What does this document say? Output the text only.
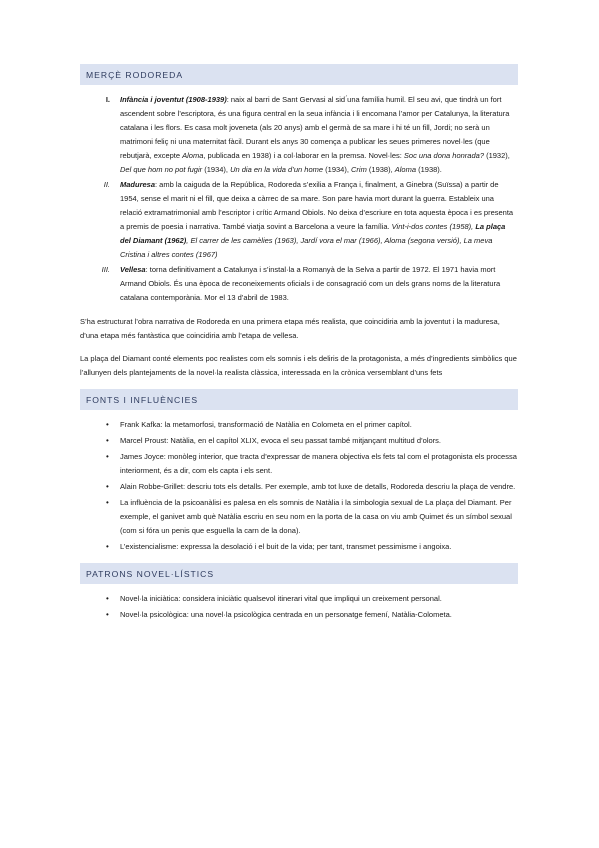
MERÇÈ RODOREDA
I. Infància i joventut (1908-1939): naix al barri de Sant Gervasi al sid ́una família humil. El seu avi, que tindrà un fort ascendent sobre l’escriptora, és una figura central en la seua infància i li encomana l’amor per Catalunya, la literatura catalana i les flors. Es casa molt joveneta (als 20 anys) amb el germà de sa mare i hi té un fill, Jordi; no serà un matrimoni feliç ni una maternitat fàcil. Durant els anys 30 comença a publicar les seues primeres novel·les (que rebutjarà, excepte Aloma, publicada en 1938) i a col·laborar en la premsa. Novel·les: Soc una dona honrada? (1932), Del que hom no pot fugir (1934), Un dia en la vida d’un home (1934), Crim (1938), Aloma (1938).
II. Maduresa: amb la caiguda de la República, Rodoreda s’exilia a França i, finalment, a Ginebra (Suïssa) a partir de 1954, sense el marit ni el fill, que deixa a càrrec de sa mare. Son pare havia mort durant la guerra. Estableix una relació extramatrimonial amb l’escriptor i crític Armand Obiols. No deixa d’escriure en tota aquesta època i es presenta a premis de poesia i narrativa. També viatja sovint a Barcelona a veure la família. Vint-i-dos contes (1958), La plaça del Diamant (1962), El carrer de les camèlies (1963), Jardí vora el mar (1966), Aloma (segona versió), La meva Cristina i altres contes (1967)
III. Vellesa: torna definitivament a Catalunya i s’instal·la a Romanyà de la Selva a partir de 1972. El 1971 havia mort Armand Obiols. És una època de reconeixements oficials i de consagració com un dels grans noms de la literatura catalana contemporània. Mor el 13 d’abril de 1983.

S’ha estructurat l’obra narrativa de Rodoreda en una primera etapa més realista, que coincidiria amb la joventut i la maduresa, d’una etapa més fantàstica que coincidiria amb l’etapa de vellesa.

La plaça del Diamant conté elements poc realistes com els somnis i els deliris de la protagonista, a més d’ingredients simbòlics que l’allunyen dels plantejaments de la novel·la realista clàssica, interessada en la crònica versemblant d’uns fets

FONTS I INFLUÈNCIES
• Frank Kafka: la metamorfosi, transformació de Natàlia en Colometa en el primer capítol.
• Marcel Proust: Natàlia, en el capítol XLIX, evoca el seu passat també mitjançant multitud d’olors.
• James Joyce: monòleg interior, que tracta d’expressar de manera objectiva els fets tal com el protagonista els processa interiorment, és a dir, com els capta i els sent.
• Alain Robbe-Grillet: descriu tots els detalls. Per exemple, amb tot luxe de detalls, Rodoreda descriu la plaça de vendre.
• La influència de la psicoanàlisi es palesa en els somnis de Natàlia i la simbologia sexual de La plaça del Diamant. Per exemple, el ganivet amb què Natàlia escriu en seu nom en la porta de la casa on viu amb Quimet és un símbol sexual (com si fóra un penis que esguella la carn de la dona).
• L’existencialisme: expressa la desolació i el buit de la vida; per tant, transmet pessimisme i angoixa.
PATRONS NOVEL·LÍSTICS
• Novel·la iniciàtica: considera iniciàtic qualsevol itinerari vital que impliqui un creixement personal.
• Novel·la psicològica: una novel·la psicològica centrada en un personatge femení, Natàlia-Colometa.
